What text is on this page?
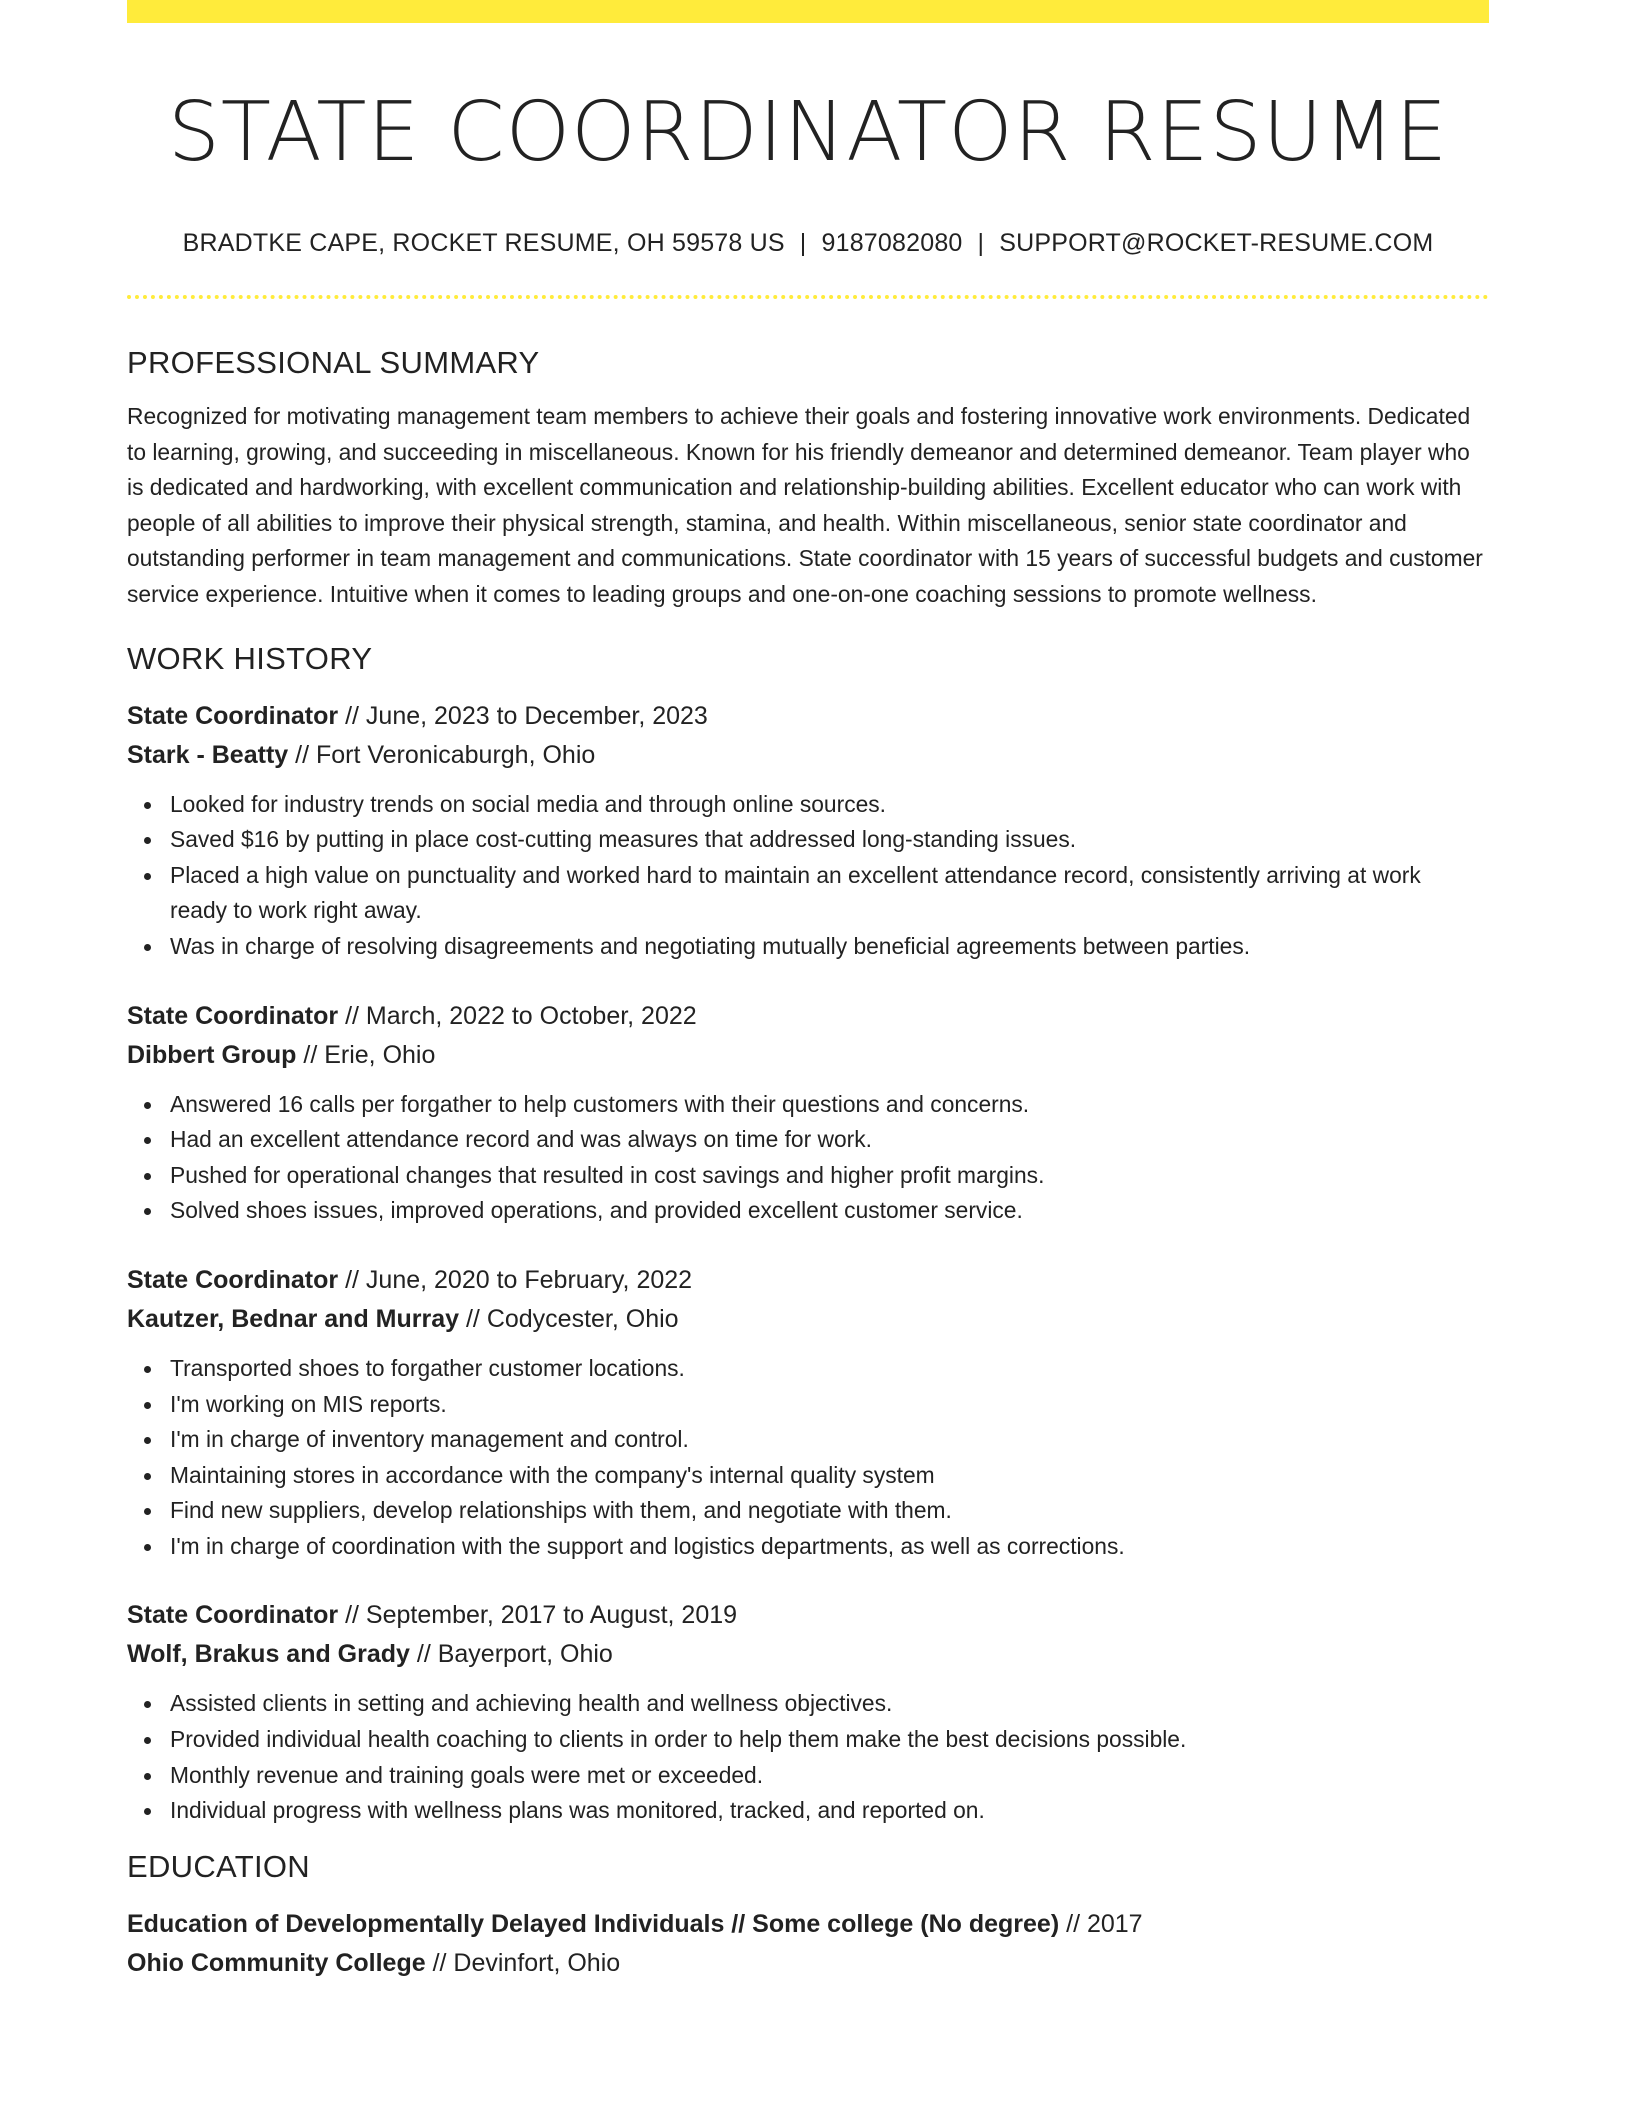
STATE COORDINATOR RESUME
BRADTKE CAPE, ROCKET RESUME, OH 59578 US | 9187082080 | SUPPORT@ROCKET-RESUME.COM
PROFESSIONAL SUMMARY

Recognized for motivating management team members to achieve their goals and fostering innovative work environments. Dedicated to learning, growing, and succeeding in miscellaneous. Known for his friendly demeanor and determined demeanor. Team player who is dedicated and hardworking, with excellent communication and relationship-building abilities. Excellent educator who can work with people of all abilities to improve their physical strength, stamina, and health. Within miscellaneous, senior state coordinator and outstanding performer in team management and communications. State coordinator with 15 years of successful budgets and customer service experience. Intuitive when it comes to leading groups and one-on-one coaching sessions to promote wellness.

WORK HISTORY
State Coordinator // June, 2023 to December, 2023
Stark - Beatty // Fort Veronicaburgh, Ohio
Looked for industry trends on social media and through online sources.
Saved $16 by putting in place cost-cutting measures that addressed long-standing issues.
Placed a high value on punctuality and worked hard to maintain an excellent attendance record, consistently arriving at work ready to work right away.
Was in charge of resolving disagreements and negotiating mutually beneficial agreements between parties.
State Coordinator // March, 2022 to October, 2022
Dibbert Group // Erie, Ohio
Answered 16 calls per forgather to help customers with their questions and concerns.
Had an excellent attendance record and was always on time for work.
Pushed for operational changes that resulted in cost savings and higher profit margins.
Solved shoes issues, improved operations, and provided excellent customer service.
State Coordinator // June, 2020 to February, 2022
Kautzer, Bednar and Murray // Codycester, Ohio
Transported shoes to forgather customer locations.
I'm working on MIS reports.
I'm in charge of inventory management and control.
Maintaining stores in accordance with the company's internal quality system
Find new suppliers, develop relationships with them, and negotiate with them.
I'm in charge of coordination with the support and logistics departments, as well as corrections.
State Coordinator // September, 2017 to August, 2019
Wolf, Brakus and Grady // Bayerport, Ohio
Assisted clients in setting and achieving health and wellness objectives.
Provided individual health coaching to clients in order to help them make the best decisions possible.
Monthly revenue and training goals were met or exceeded.
Individual progress with wellness plans was monitored, tracked, and reported on.
EDUCATION
Education of Developmentally Delayed Individuals // Some college (No degree) // 2017
Ohio Community College // Devinfort, Ohio
